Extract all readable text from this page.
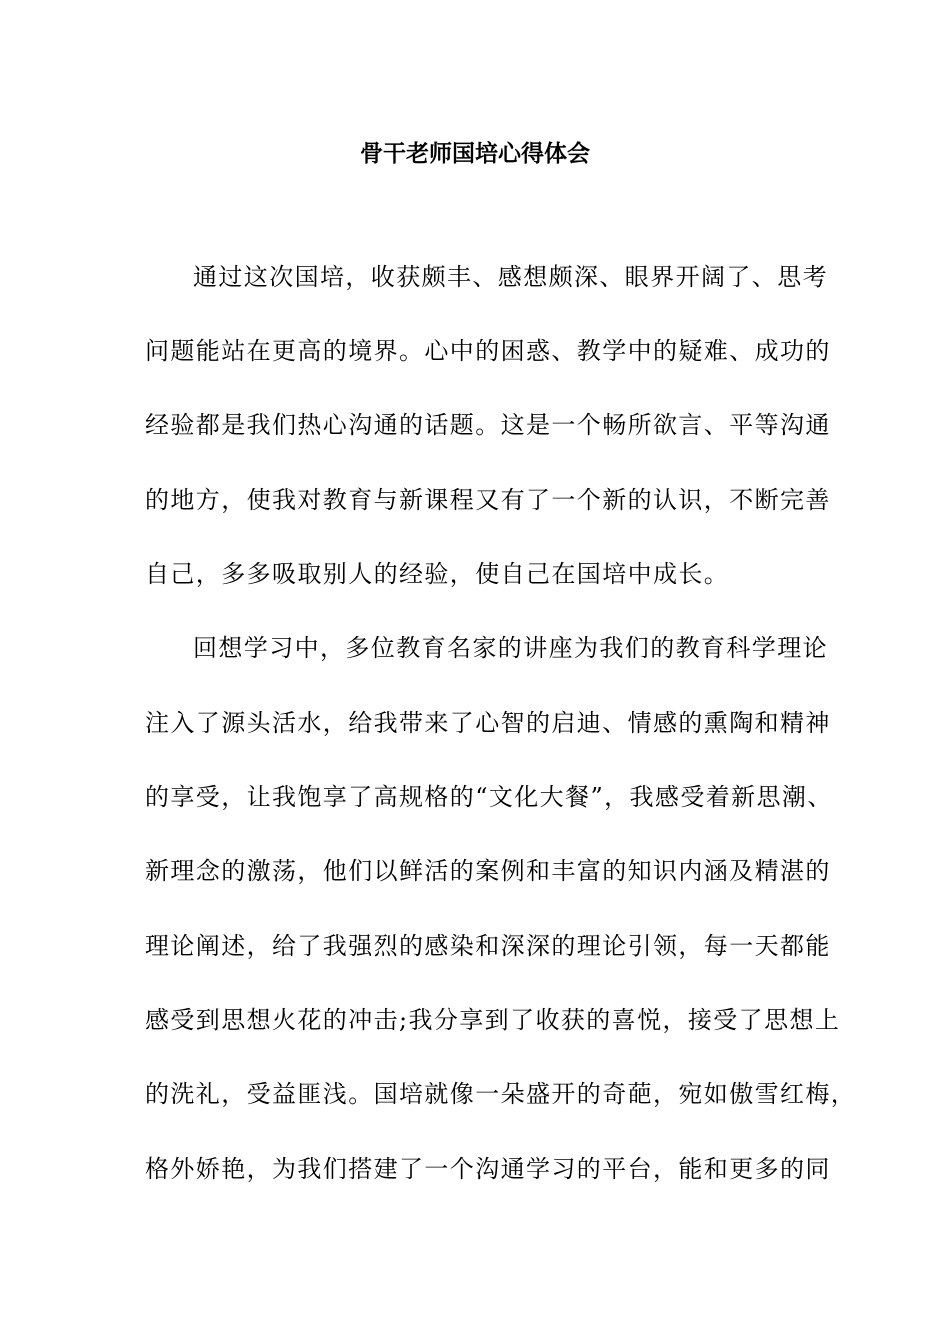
骨干老师国培心得体会
通过这次国培，收获颇丰、感想颇深、眼界开阔了、思考
问题能站在更高的境界。心中的困惑、教学中的疑难、成功的
经验都是我们热心沟通的话题。这是一个畅所欲言、平等沟通
的地方，使我对教育与新课程又有了一个新的认识，不断完善
自己，多多吸取别人的经验，使自己在国培中成长。
回想学习中，多位教育名家的讲座为我们的教育科学理论
注入了源头活水，给我带来了心智的启迪、情感的熏陶和精神
的享受，让我饱享了高规格的“文化大餐”，我感受着新思潮、
新理念的激荡，他们以鲜活的案例和丰富的知识内涵及精湛的
理论阐述，给了我强烈的感染和深深的理论引领，每一天都能
感受到思想火花的冲击;我分享到了收获的喜悦，接受了思想上
的洗礼，受益匪浅。国培就像一朵盛开的奇葩，宛如傲雪红梅，
格外娇艳，为我们搭建了一个沟通学习的平台，能和更多的同
